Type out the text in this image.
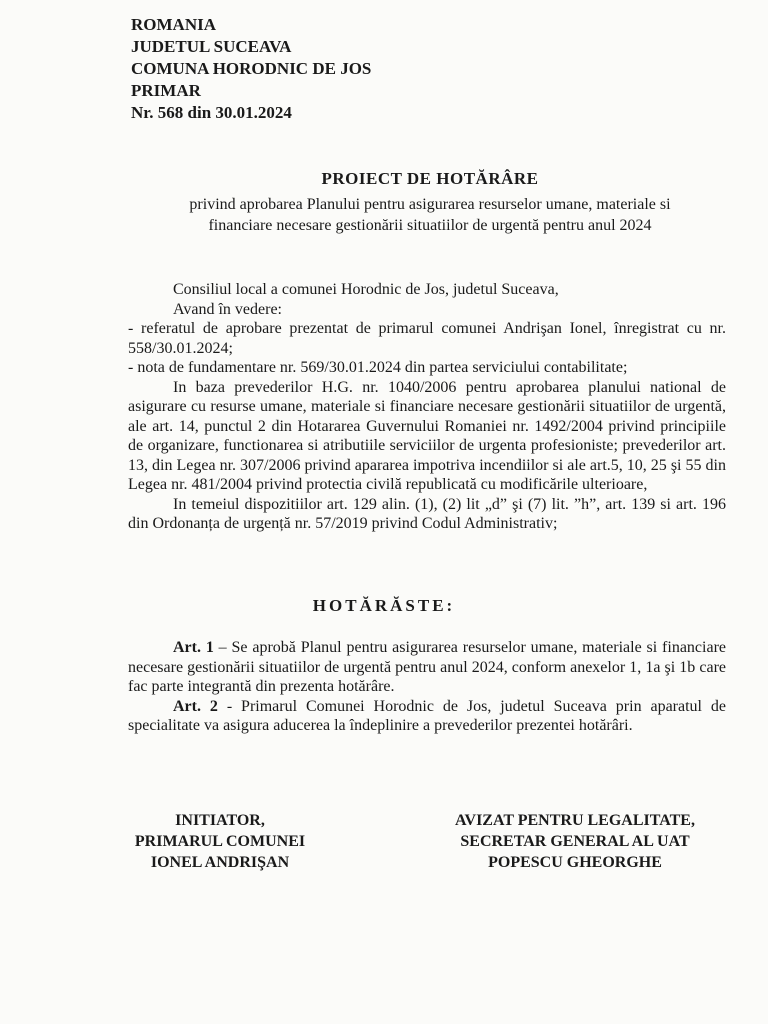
ROMANIA
JUDETUL SUCEAVA
COMUNA HORODNIC DE JOS
PRIMAR
Nr. 568 din 30.01.2024
PROIECT DE HOTĂRÂRE
privind aprobarea Planului pentru asigurarea resurselor umane, materiale si
financiare necesare gestionării situatiilor de urgentă pentru anul 2024

Consiliul local a comunei Horodnic de Jos, judetul Suceava,

Avand în vedere:

- referatul de aprobare prezentat de primarul comunei Andrişan Ionel, înregistrat cu nr. 558/30.01.2024;

- nota de fundamentare nr. 569/30.01.2024 din partea serviciului contabilitate;

In baza prevederilor H.G. nr. 1040/2006 pentru aprobarea planului national de asigurare cu resurse umane, materiale si financiare necesare gestionării situatiilor de urgentă, ale art. 14, punctul 2 din Hotararea Guvernului Romaniei nr. 1492/2004 privind principiile de organizare, functionarea si atributiile serviciilor de urgenta profesioniste; prevederilor art. 13, din Legea nr. 307/2006 privind apararea impotriva incendiilor si ale art.5, 10, 25 şi 55 din Legea nr. 481/2004 privind protectia civilă republicată cu modificările ulterioare,

In temeiul dispozitiilor art. 129 alin. (1), (2) lit „d” şi (7) lit. ”h”, art. 139 si art. 196 din Ordonanța de urgență nr. 57/2019 privind Codul Administrativ;

HOTĂRĂSTE:

Art. 1 – Se aprobă Planul pentru asigurarea resurselor umane, materiale si financiare necesare gestionării situatiilor de urgentă pentru anul 2024, conform anexelor 1, 1a şi 1b care fac parte integrantă din prezenta hotărâre.

Art. 2 - Primarul Comunei Horodnic de Jos, judetul Suceava prin aparatul de specialitate va asigura aducerea la îndeplinire a prevederilor prezentei hotărâri.

INITIATOR,
PRIMARUL COMUNEI
IONEL ANDRIŞAN
AVIZAT PENTRU LEGALITATE,
SECRETAR GENERAL AL UAT
POPESCU GHEORGHE
